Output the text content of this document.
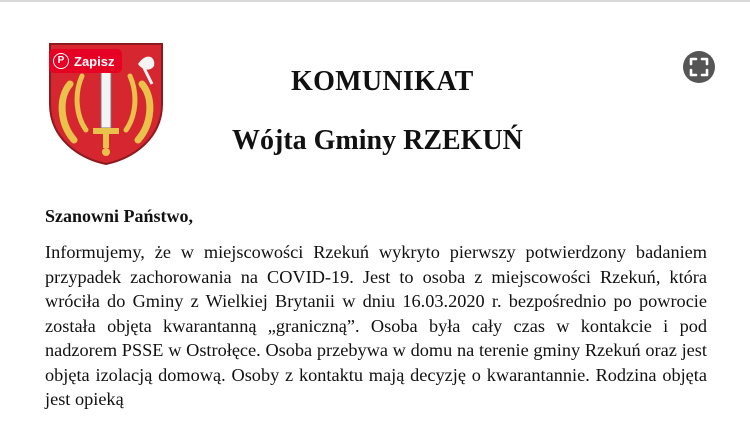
P Zapisz
KOMUNIKAT
Wójta Gminy RZEKUŃ

Szanowni Państwo,

Informujemy, że w miejscowości Rzekuń wykryto pierwszy potwierdzony badaniem przypadek zachorowania na COVID-19. Jest to osoba z miejscowości Rzekuń, która wróciła do Gminy z Wielkiej Brytanii w dniu 16.03.2020 r. bezpośrednio po powrocie została objęta kwarantanną „graniczną”. Osoba była cały czas w kontakcie i pod nadzorem PSSE w Ostrołęce. Osoba przebywa w domu na terenie gminy Rzekuń oraz jest objęta izolacją domową. Osoby z kontaktu mają decyzję o kwarantannie. Rodzina objęta jest opieką
